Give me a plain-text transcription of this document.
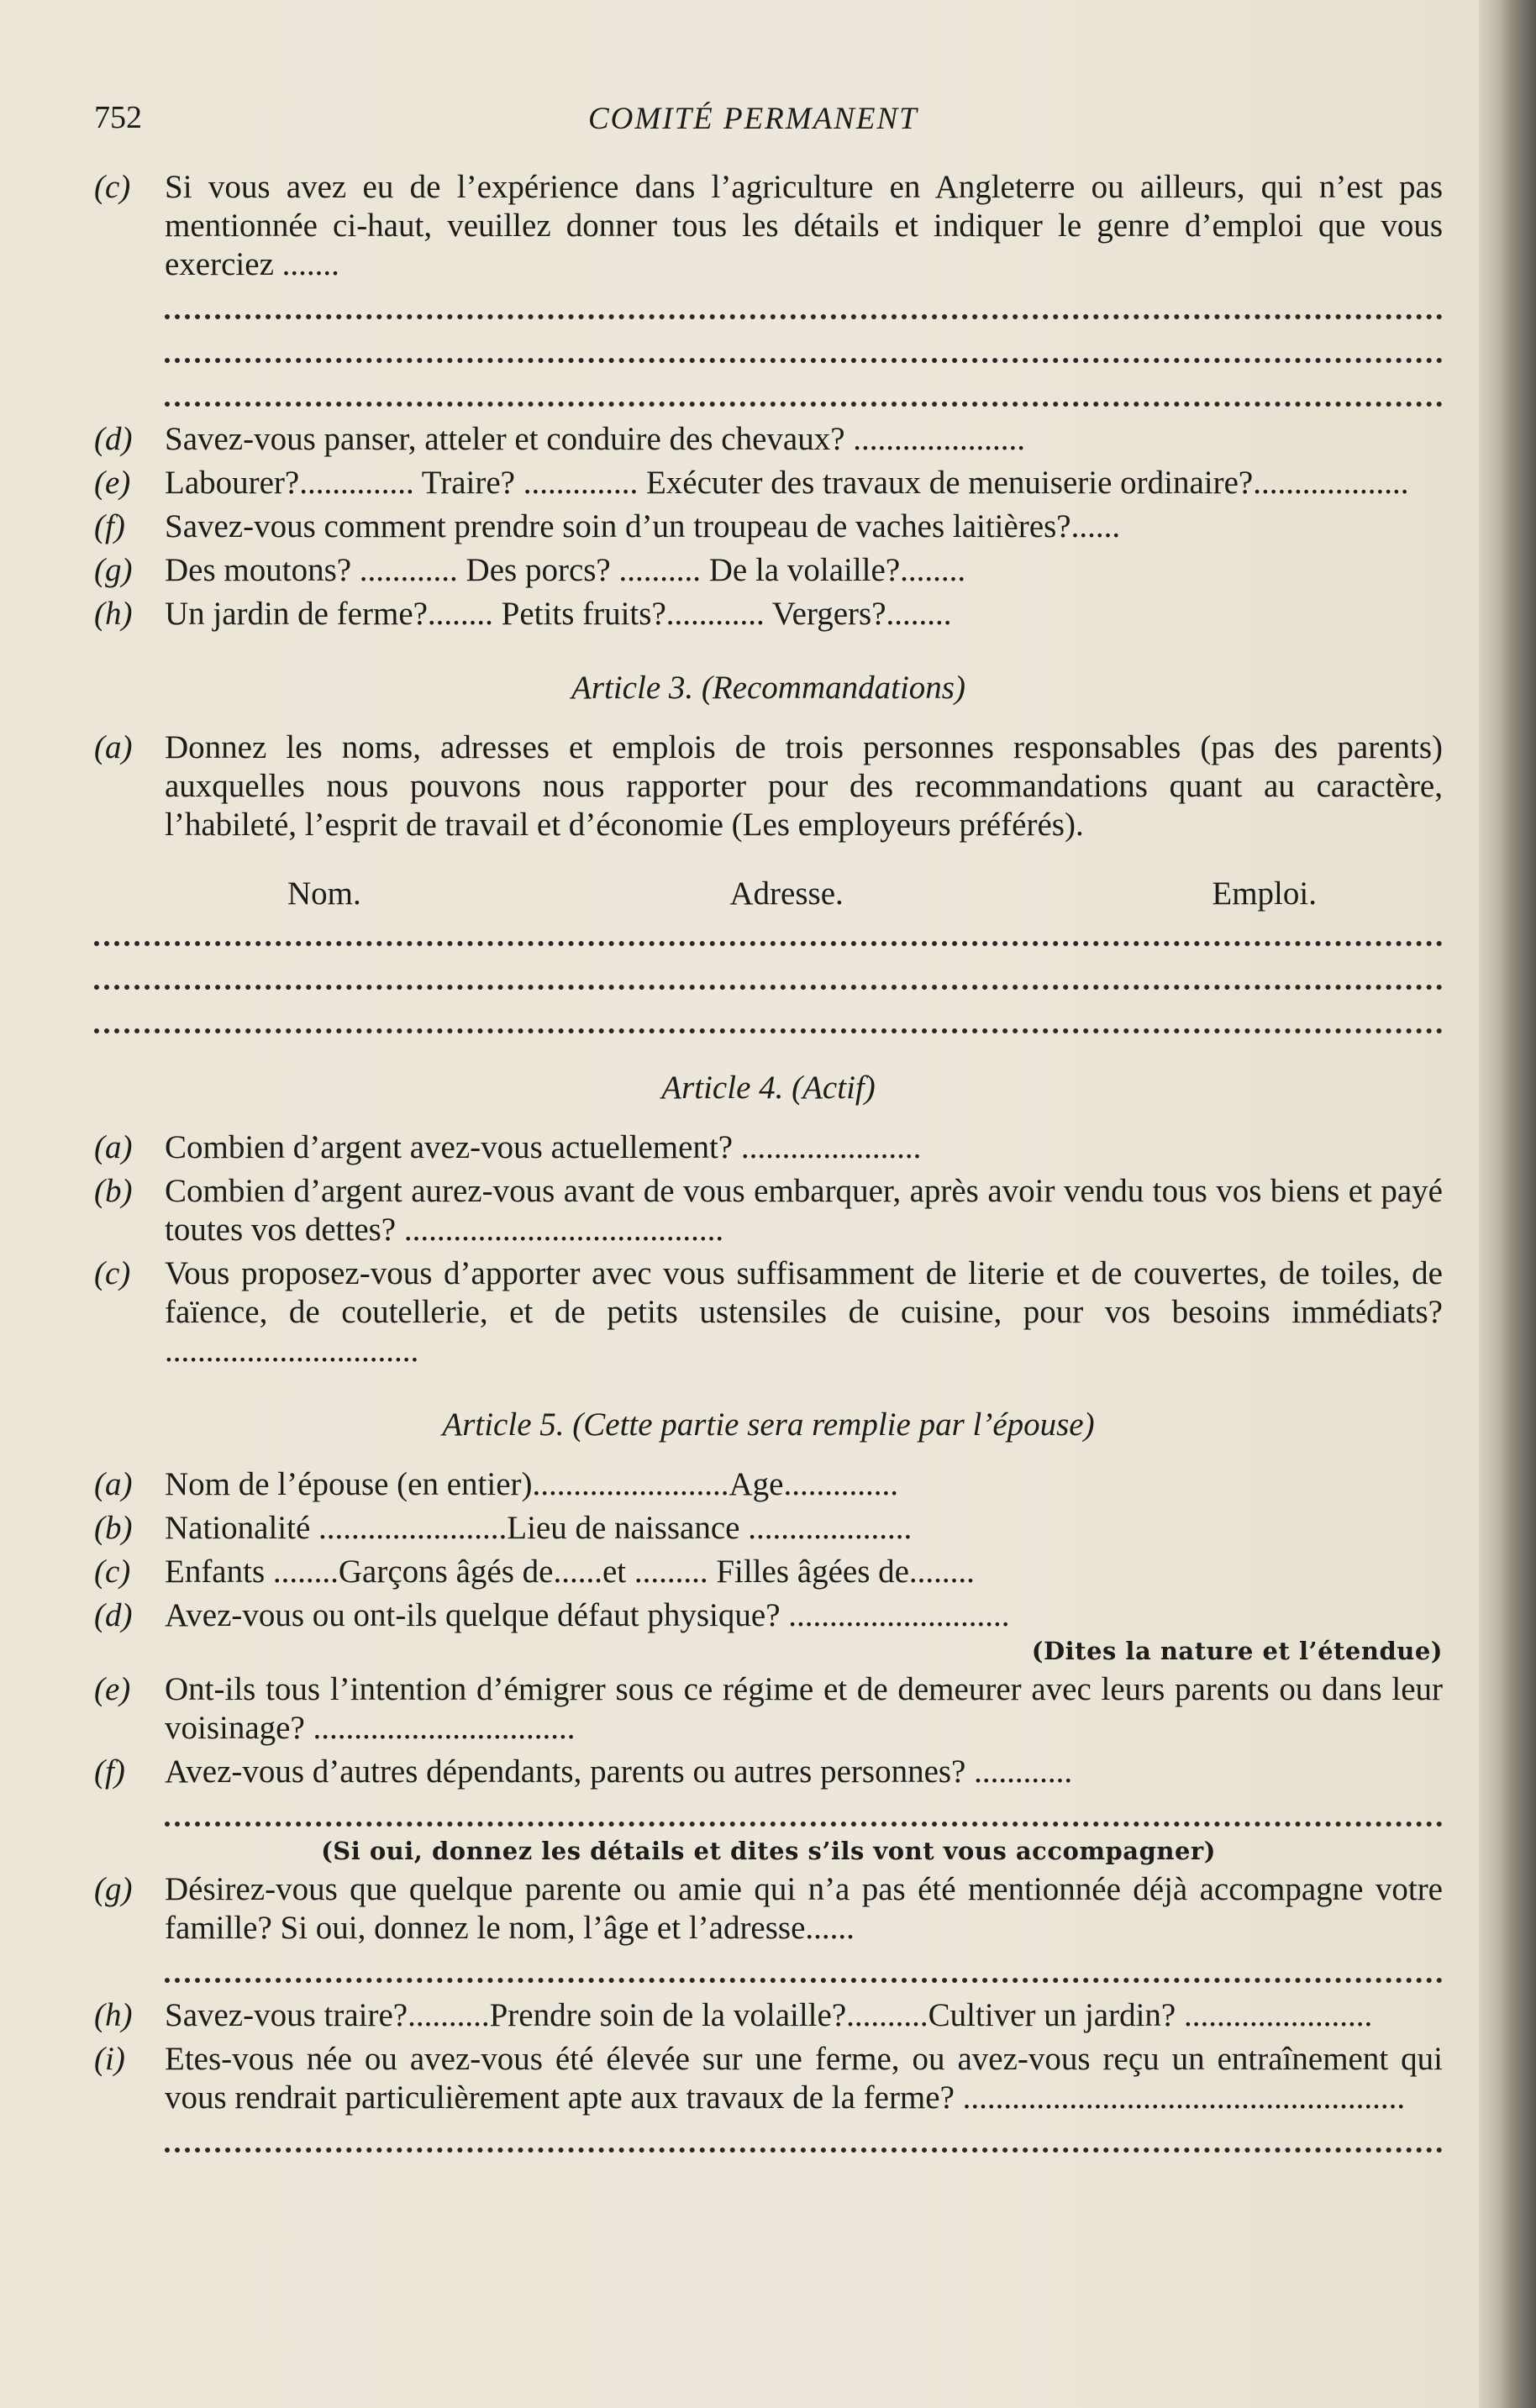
752	COMITÉ PERMANENT
(c)	Si vous avez eu de l’expérience dans l’agriculture en Angleterre ou ailleurs, qui n’est pas mentionnée ci-haut, veuillez donner tous les détails et indiquer le genre d’emploi que vous exerciez .......
(d) Savez-vous panser, atteler et conduire des chevaux? .....................
(e)	Labourer?.............. Traire? .............. Exécuter des travaux de menuiserie ordinaire?...................
(f)	Savez-vous comment prendre soin d’un troupeau de vaches laitières?......
(g) Des moutons? ............ Des porcs? .......... De la volaille?........
(h) Un jardin de ferme?........ Petits fruits?............ Vergers?........
Article 3. (Recommandations)
(a) Donnez les noms, adresses et emplois de trois personnes responsables (pas des parents) auxquelles nous pouvons nous rapporter pour des recommandations quant au caractère, l’habileté, l’esprit de travail et d’économie (Les employeurs préférés).
Nom.	Adresse.	Emploi.
Article 4. (Actif)
(a) Combien d’argent avez-vous actuellement? ......................
(b) Combien d’argent aurez-vous avant de vous embarquer, après avoir vendu tous vos biens et payé toutes vos dettes? .......................................
(c)	Vous proposez-vous d’apporter avec vous suffisamment de literie et de couvertes, de toiles, de faïence, de coutellerie, et de petits ustensiles de cuisine, pour vos besoins immédiats? ...............................
Article 5. (Cette partie sera remplie par l’épouse)
(a) Nom de l’épouse (en entier)........................Age..............
(b) Nationalité .......................Lieu de naissance ....................
(c)	Enfants ........Garçons âgés de......et ......... Filles âgées de........
(d) Avez-vous ou ont-ils quelque défaut physique? ...........................
(Dites la nature et l’étendue)
(e)	Ont-ils tous l’intention d’émigrer sous ce régime et de demeurer avec leurs parents ou dans leur voisinage? ................................
(f)	Avez-vous d’autres dépendants, parents ou autres personnes? ............
(Si oui, donnez les détails et dites s’ils vont vous accompagner)
(g) Désirez-vous que quelque parente ou amie qui n’a pas été mentionnée déjà accompagne votre famille? Si oui, donnez le nom, l’âge et l’adresse......
(h) Savez-vous traire?..........Prendre soin de la volaille?..........Cultiver un jardin? .......................
(i)	Etes-vous née ou avez-vous été élevée sur une ferme, ou avez-vous reçu un entraînement qui vous rendrait particulièrement apte aux travaux de la ferme? ......................................................
